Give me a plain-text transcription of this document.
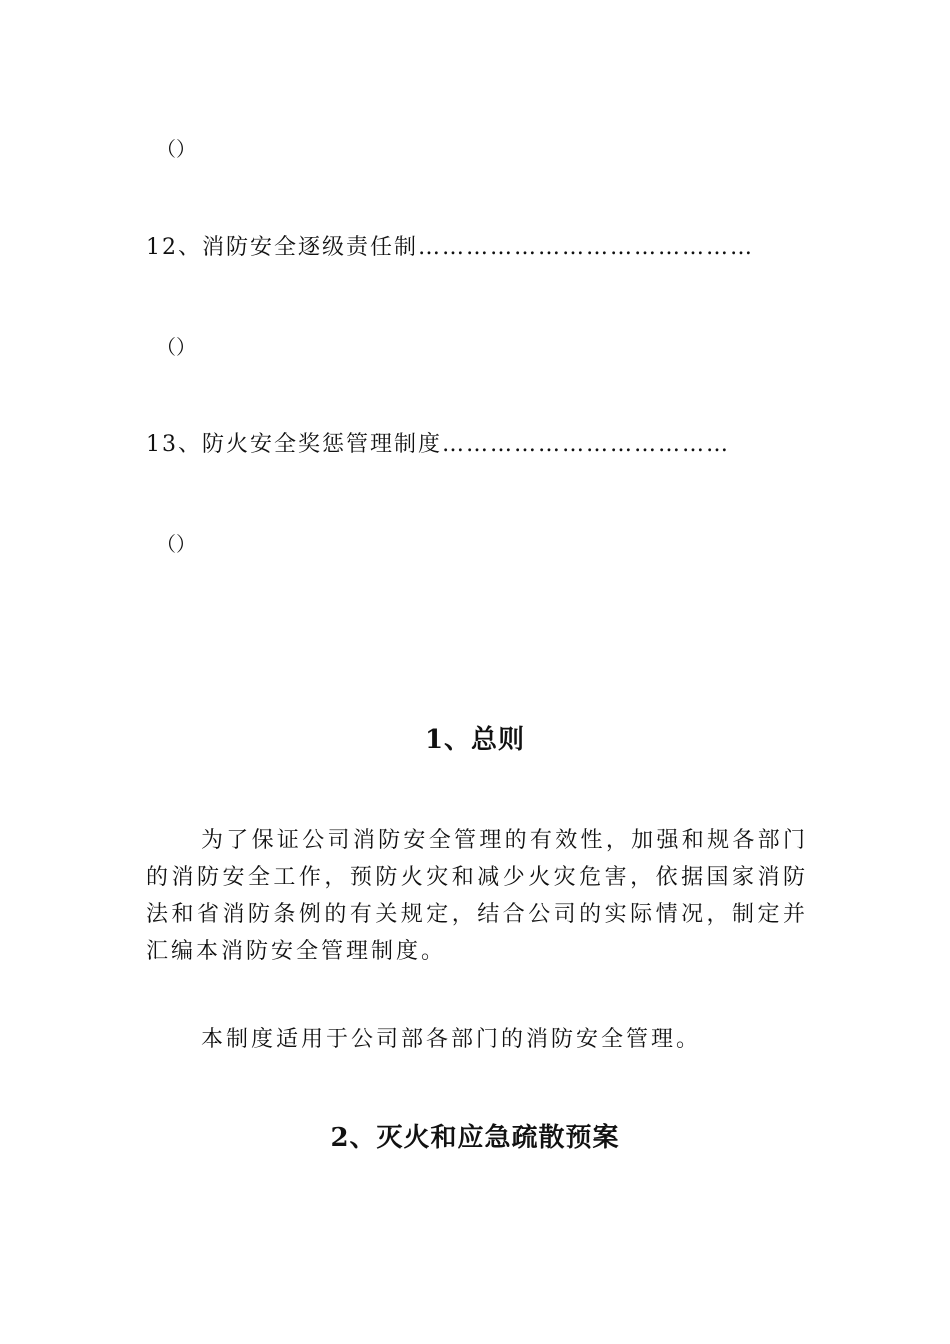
（）
12、消防安全逐级责任制……………………………………
（）
13、防火安全奖惩管理制度………………………………
（）
1、总则
为了保证公司消防安全管理的有效性，加强和规各部门的消防安全工作，预防火灾和减少火灾危害，依据国家消防法和省消防条例的有关规定，结合公司的实际情况，制定并汇编本消防安全管理制度。
本制度适用于公司部各部门的消防安全管理。
2、灭火和应急疏散预案
